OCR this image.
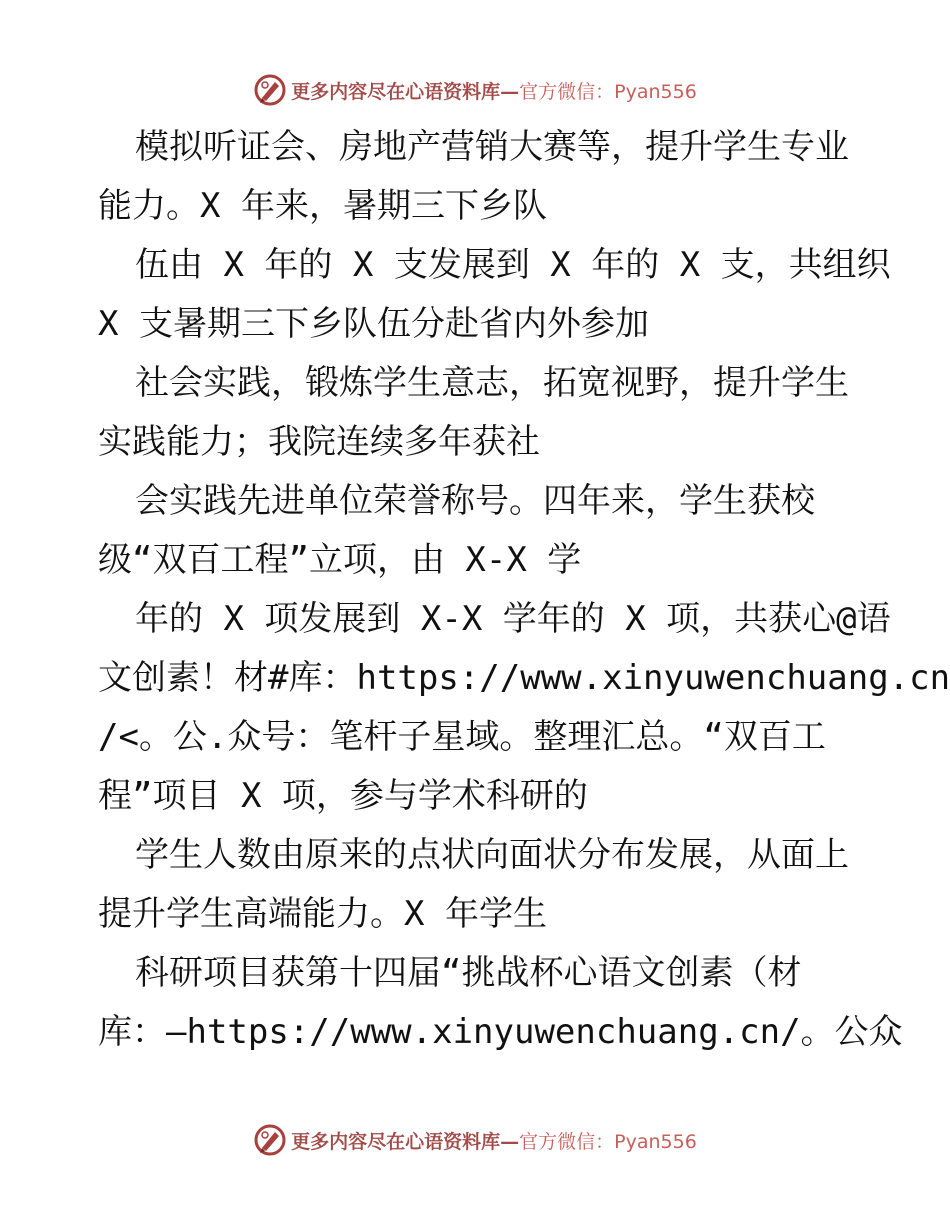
更多内容尽在心语资料库—官方微信：Pyan556
模拟听证会、房地产营销大赛等，提升学生专业
能力。X 年来，暑期三下乡队
伍由 X 年的 X 支发展到 X 年的 X 支，共组织
X 支暑期三下乡队伍分赴省内外参加
社会实践，锻炼学生意志，拓宽视野，提升学生
实践能力；我院连续多年获社
会实践先进单位荣誉称号。四年来，学生获校
级“双百工程”立项，由 X-X 学
年的 X 项发展到 X-X 学年的 X 项，共获心@语
文创素！材#库：https://www.xinyuwenchuang.cn
/<。公.众号：笔杆子星域。整理汇总。“双百工
程”项目 X 项，参与学术科研的
学生人数由原来的点状向面状分布发展，从面上
提升学生高端能力。X 年学生
科研项目获第十四届“挑战杯心语文创素（材
库：—https://www.xinyuwenchuang.cn/。公众
更多内容尽在心语资料库—官方微信：Pyan556
